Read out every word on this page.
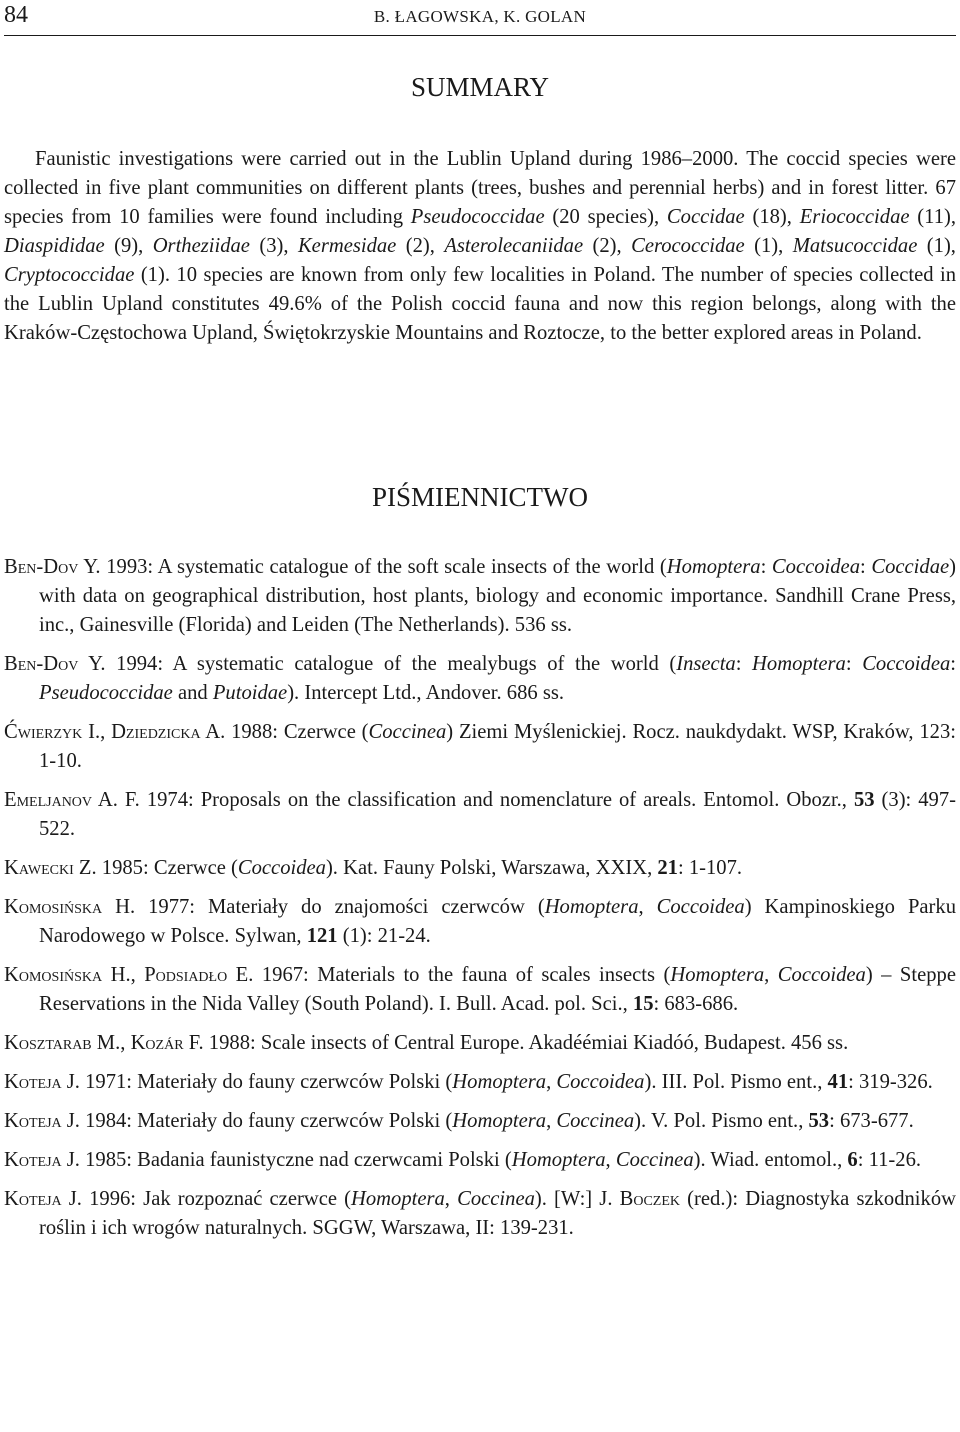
84	B. ŁAGOWSKA, K. GOLAN
SUMMARY

Faunistic investigations were carried out in the Lublin Upland during 1986–2000. The coccid species were collected in five plant communities on different plants (trees, bushes and perennial herbs) and in forest litter. 67 species from 10 families were found including Pseudococcidae (20 species), Coccidae (18), Eriococcidae (11), Diaspididae (9), Ortheziidae (3), Kermesidae (2), Asterolecaniidae (2), Cerococcidae (1), Matsucoccidae (1), Cryptococcidae (1). 10 species are known from only few localities in Poland. The number of species collected in the Lublin Upland constitutes 49.6% of the Polish coccid fauna and now this region belongs, along with the Kraków-Częstochowa Upland, Świętokrzyskie Mountains and Roztocze, to the better explored areas in Poland.

PIŚMIENNICTWO
Ben-Dov Y. 1993: A systematic catalogue of the soft scale insects of the world (Homoptera: Coccoidea: Coccidae) with data on geographical distribution, host plants, biology and economic importance. Sandhill Crane Press, inc., Gainesville (Florida) and Leiden (The Netherlands). 536 ss.
Ben-Dov Y. 1994: A systematic catalogue of the mealybugs of the world (Insecta: Homoptera: Coccoidea: Pseudococcidae and Putoidae). Intercept Ltd., Andover. 686 ss.
Ćwierzyk I., Dziedzicka A. 1988: Czerwce (Coccinea) Ziemi Myślenickiej. Rocz. naukdydakt. WSP, Kraków, 123: 1-10.
Emeljanov A. F. 1974: Proposals on the classification and nomenclature of areals. Entomol. Obozr., 53 (3): 497-522.
Kawecki Z. 1985: Czerwce (Coccoidea). Kat. Fauny Polski, Warszawa, XXIX, 21: 1-107.
Komosińska H. 1977: Materiały do znajomości czerwców (Homoptera, Coccoidea) Kampinoskiego Parku Narodowego w Polsce. Sylwan, 121 (1): 21-24.
Komosińska H., Podsiadło E. 1967: Materials to the fauna of scales insects (Homoptera, Coccoidea) – Steppe Reservations in the Nida Valley (South Poland). I. Bull. Acad. pol. Sci., 15: 683-686.
Kosztarab M., Kozár F. 1988: Scale insects of Central Europe. Akadéémiai Kiadóó, Budapest. 456 ss.
Koteja J. 1971: Materiały do fauny czerwców Polski (Homoptera, Coccoidea). III. Pol. Pismo ent., 41: 319-326.
Koteja J. 1984: Materiały do fauny czerwców Polski (Homoptera, Coccinea). V. Pol. Pismo ent., 53: 673-677.
Koteja J. 1985: Badania faunistyczne nad czerwcami Polski (Homoptera, Coccinea). Wiad. entomol., 6: 11-26.
Koteja J. 1996: Jak rozpoznać czerwce (Homoptera, Coccinea). [W:] J. Boczek (red.): Diagnostyka szkodników roślin i ich wrogów naturalnych. SGGW, Warszawa, II: 139-231.
